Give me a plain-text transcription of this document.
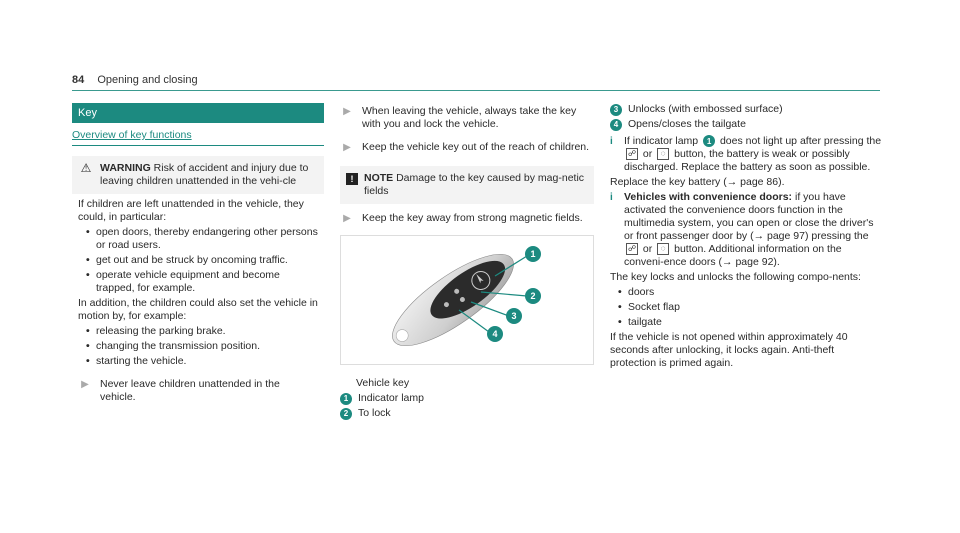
84 Opening and closing
Key
Overview of key functions
⚠ WARNING Risk of accident and injury due to leaving children unattended in the vehi-cle
If children are left unattended in the vehicle, they could, in particular:
• open doors, thereby endangering other persons or road users.
• get out and be struck by oncoming traffic.
• operate vehicle equipment and become trapped, for example.
In addition, the children could also set the vehicle in motion by, for example:
• releasing the parking brake.
• changing the transmission position.
• starting the vehicle.
▶	Never leave children unattended in the vehicle.
▶	When leaving the vehicle, always take the key with you and lock the vehicle.
▶	Keep the vehicle key out of the reach of children.
!	NOTE Damage to the key caused by mag-netic fields
▶	Keep the key away from strong magnetic fields.
1
2
3
4
Vehicle key
1 Indicator lamp
2 To lock
3 Unlocks (with embossed surface)
4 Opens/closes the tailgate
i	If indicator lamp 1 does not light up after pressing the ☍ or ◌ button, the battery is weak or possibly discharged. Replace the battery as soon as possible.
Replace the key battery (→ page 86).
i	Vehicles with convenience doors: if you have activated the convenience doors function in the multimedia system, you can open or close the driver's or front passenger door by (→ page 97) pressing the ☍ or ◌ button. Additional information on the conveni-ence doors (→ page 92).
The key locks and unlocks the following compo-nents:
• doors
• Socket flap
• tailgate
If the vehicle is not opened within approximately 40 seconds after unlocking, it locks again. Anti-theft protection is primed again.
